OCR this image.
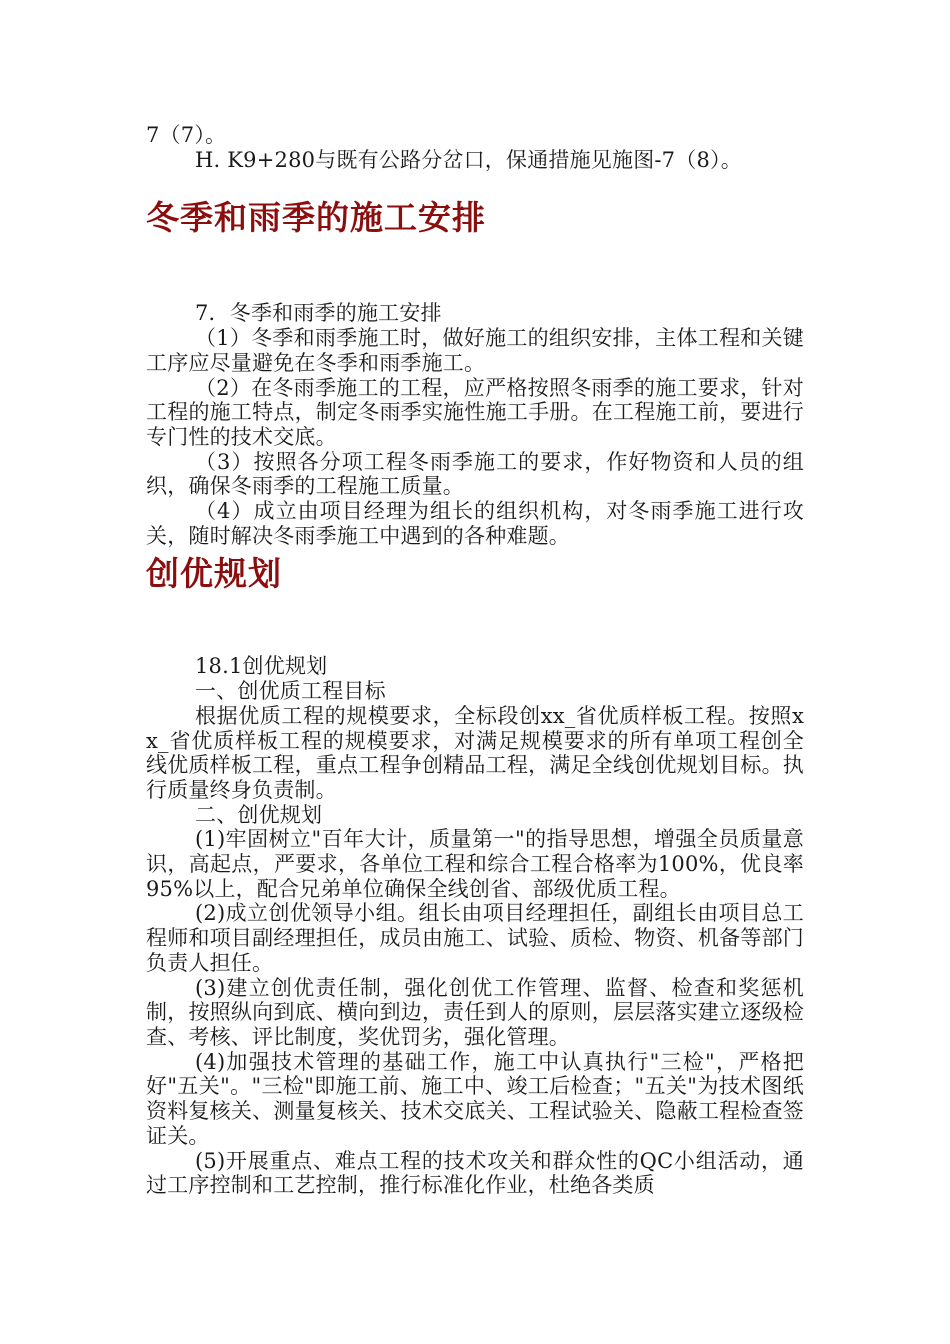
7（7）。

H. K9+280与既有公路分岔口，保通措施见施图-7（8）。

冬季和雨季的施工安排

7．冬季和雨季的施工安排

（1）冬季和雨季施工时，做好施工的组织安排，主体工程和关键工序应尽量避免在冬季和雨季施工。

（2）在冬雨季施工的工程，应严格按照冬雨季的施工要求，针对工程的施工特点，制定冬雨季实施性施工手册。在工程施工前，要进行专门性的技术交底。

（3）按照各分项工程冬雨季施工的要求，作好物资和人员的组织，确保冬雨季的工程施工质量。

（4）成立由项目经理为组长的组织机构，对冬雨季施工进行攻关，随时解决冬雨季施工中遇到的各种难题。

创优规划

18.1创优规划

一、创优质工程目标

根据优质工程的规模要求，全标段创xx_省优质样板工程。按照xx_省优质样板工程的规模要求，对满足规模要求的所有单项工程创全线优质样板工程，重点工程争创精品工程，满足全线创优规划目标。执行质量终身负责制。

二、创优规划

(1)牢固树立"百年大计，质量第一"的指导思想，增强全员质量意识，高起点，严要求，各单位工程和综合工程合格率为100%，优良率95%以上，配合兄弟单位确保全线创省、部级优质工程。

(2)成立创优领导小组。组长由项目经理担任，副组长由项目总工程师和项目副经理担任，成员由施工、试验、质检、物资、机备等部门负责人担任。

(3)建立创优责任制，强化创优工作管理、监督、检查和奖惩机制，按照纵向到底、横向到边，责任到人的原则，层层落实建立逐级检查、考核、评比制度，奖优罚劣，强化管理。

(4)加强技术管理的基础工作，施工中认真执行"三检"，严格把好"五关"。"三检"即施工前、施工中、竣工后检查；"五关"为技术图纸资料复核关、测量复核关、技术交底关、工程试验关、隐蔽工程检查签证关。

(5)开展重点、难点工程的技术攻关和群众性的QC小组活动，通过工序控制和工艺控制，推行标准化作业，杜绝各类质
